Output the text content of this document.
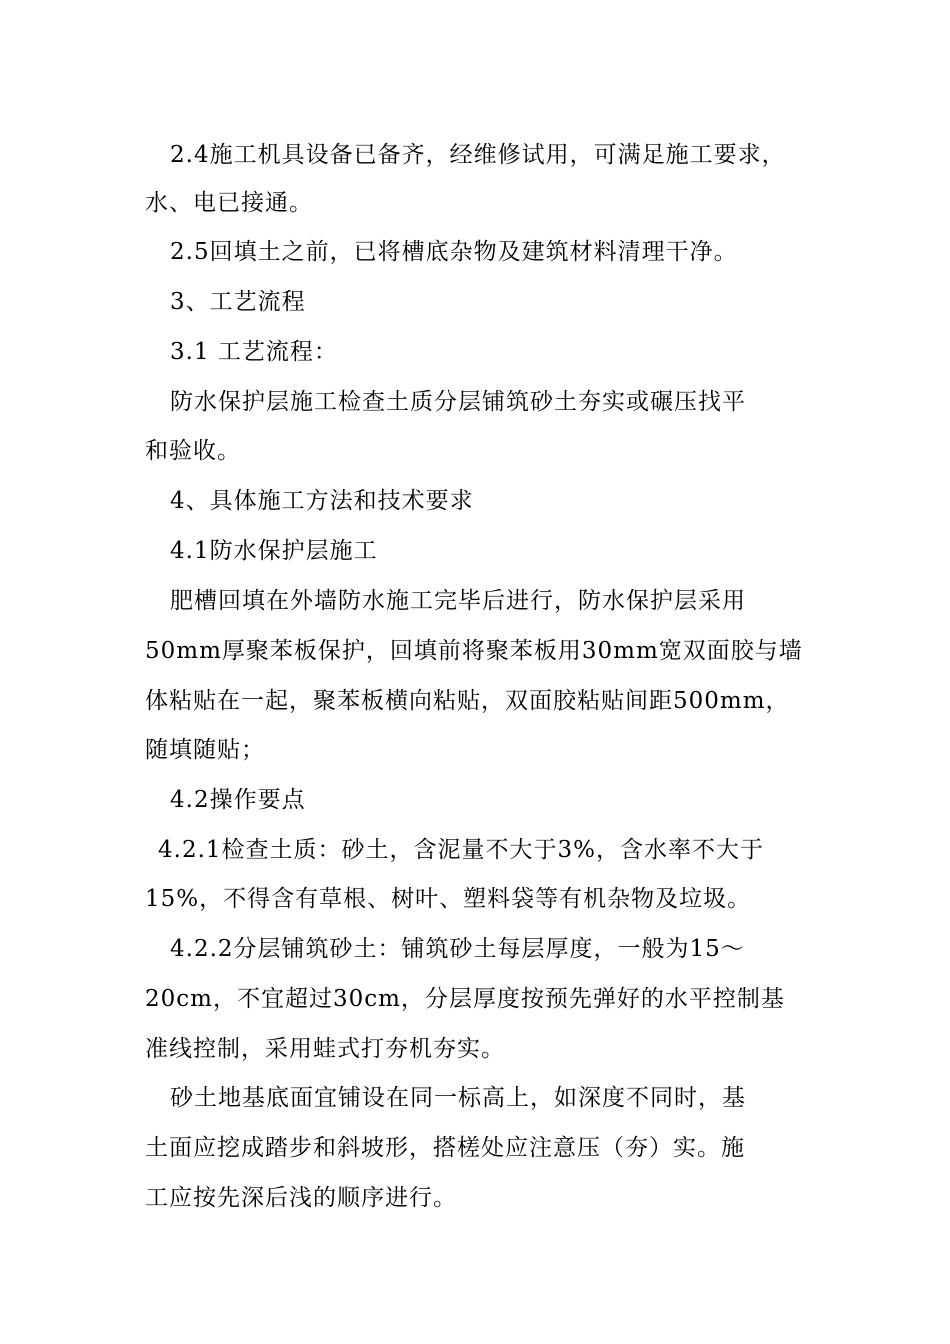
2.4施工机具设备已备齐，经维修试用，可满足施工要求，
水、电已接通。
2.5回填土之前，已将槽底杂物及建筑材料清理干净。
3、工艺流程
3.1 工艺流程：
防水保护层施工检查土质分层铺筑砂土夯实或碾压找平
和验收。
4、具体施工方法和技术要求
4.1防水保护层施工
肥槽回填在外墙防水施工完毕后进行，防水保护层采用
50mm厚聚苯板保护，回填前将聚苯板用30mm宽双面胶与墙
体粘贴在一起，聚苯板横向粘贴，双面胶粘贴间距500mm，
随填随贴；
4.2操作要点
4.2.1检查土质：砂土，含泥量不大于3%，含水率不大于
15%，不得含有草根、树叶、塑料袋等有机杂物及垃圾。
4.2.2分层铺筑砂土：铺筑砂土每层厚度，一般为15～
20cm，不宜超过30cm，分层厚度按预先弹好的水平控制基
准线控制，采用蛙式打夯机夯实。
砂土地基底面宜铺设在同一标高上，如深度不同时，基
土面应挖成踏步和斜坡形，搭槎处应注意压（夯）实。施
工应按先深后浅的顺序进行。
